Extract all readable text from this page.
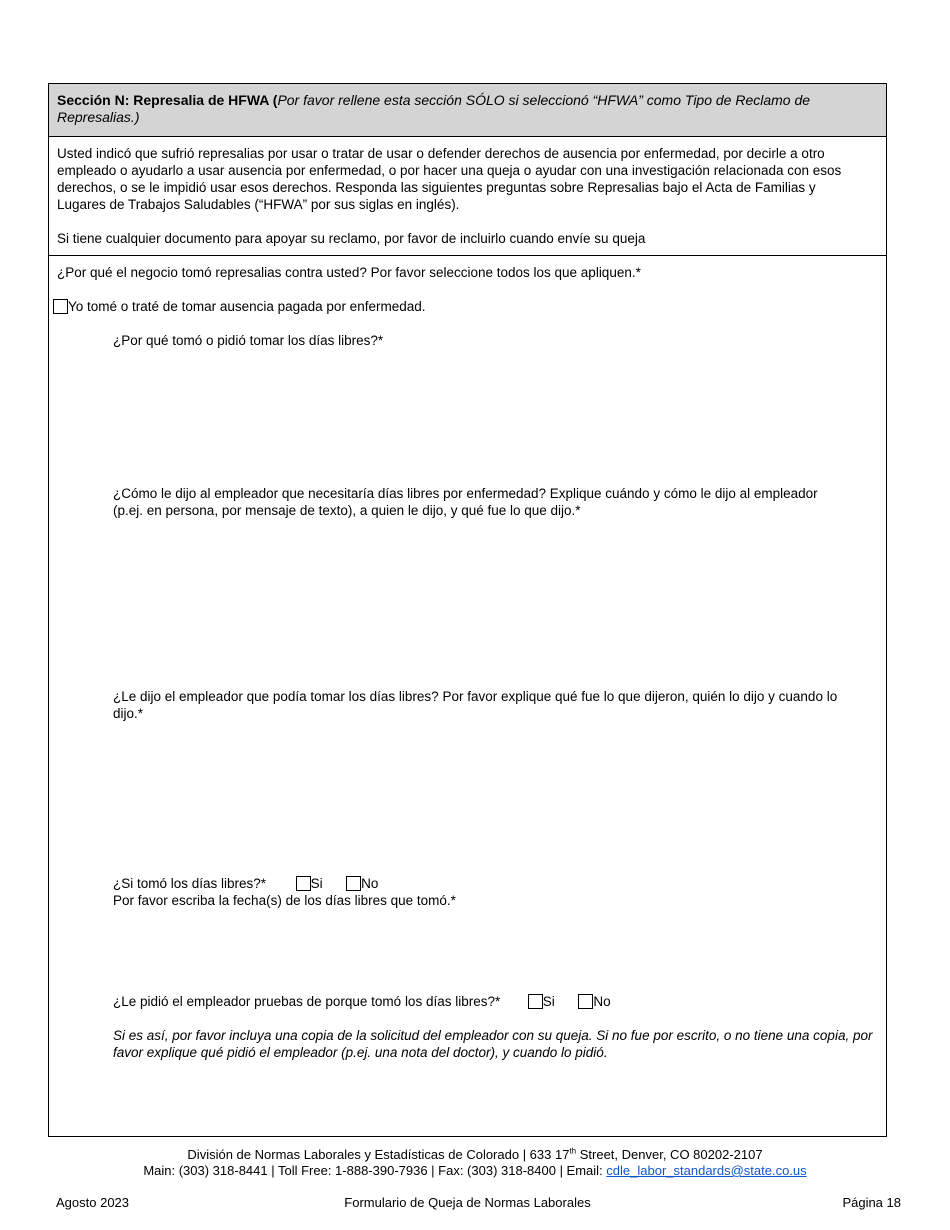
Sección N: Represalia de HFWA (Por favor rellene esta sección SÓLO si seleccionó “HFWA” como Tipo de Reclamo de Represalias.)

Usted indicó que sufrió represalias por usar o tratar de usar o defender derechos de ausencia por enfermedad, por decirle a otro empleado o ayudarlo a usar ausencia por enfermedad, o por hacer una queja o ayudar con una investigación relacionada con esos derechos, o se le impidió usar esos derechos. Responda las siguientes preguntas sobre Represalias bajo el Acta de Familias y Lugares de Trabajos Saludables (“HFWA” por sus siglas en inglés).

Si tiene cualquier documento para apoyar su reclamo, por favor de incluirlo cuando envíe su queja

¿Por qué el negocio tomó represalias contra usted? Por favor seleccione todos los que apliquen.*
Yo tomé o traté de tomar ausencia pagada por enfermedad.
¿Por qué tomó o pidió tomar los días libres?*
¿Cómo le dijo al empleador que necesitaría días libres por enfermedad? Explique cuándo y cómo le dijo al empleador (p.ej. en persona, por mensaje de texto), a quien le dijo, y qué fue lo que dijo.*
¿Le dijo el empleador que podía tomar los días libres? Por favor explique qué fue lo que dijeron, quién lo dijo y cuando lo dijo.*
¿Si tomó los días libres?*	Si	No
Por favor escriba la fecha(s) de los días libres que tomó.*
¿Le pidió el empleador pruebas de porque tomó los días libres?*	Si	No
Si es así, por favor incluya una copia de la solicitud del empleador con su queja. Si no fue por escrito, o no tiene una copia, por favor explique qué pidió el empleador (p.ej. una nota del doctor), y cuando lo pidió.
División de Normas Laborales y Estadísticas de Colorado | 633 17th Street, Denver, CO 80202-2107
Main: (303) 318-8441 | Toll Free: 1-888-390-7936 | Fax: (303) 318-8400 | Email: cdle_labor_standards@state.co.us
Agosto 2023	Formulario de Queja de Normas Laborales	Página 18
